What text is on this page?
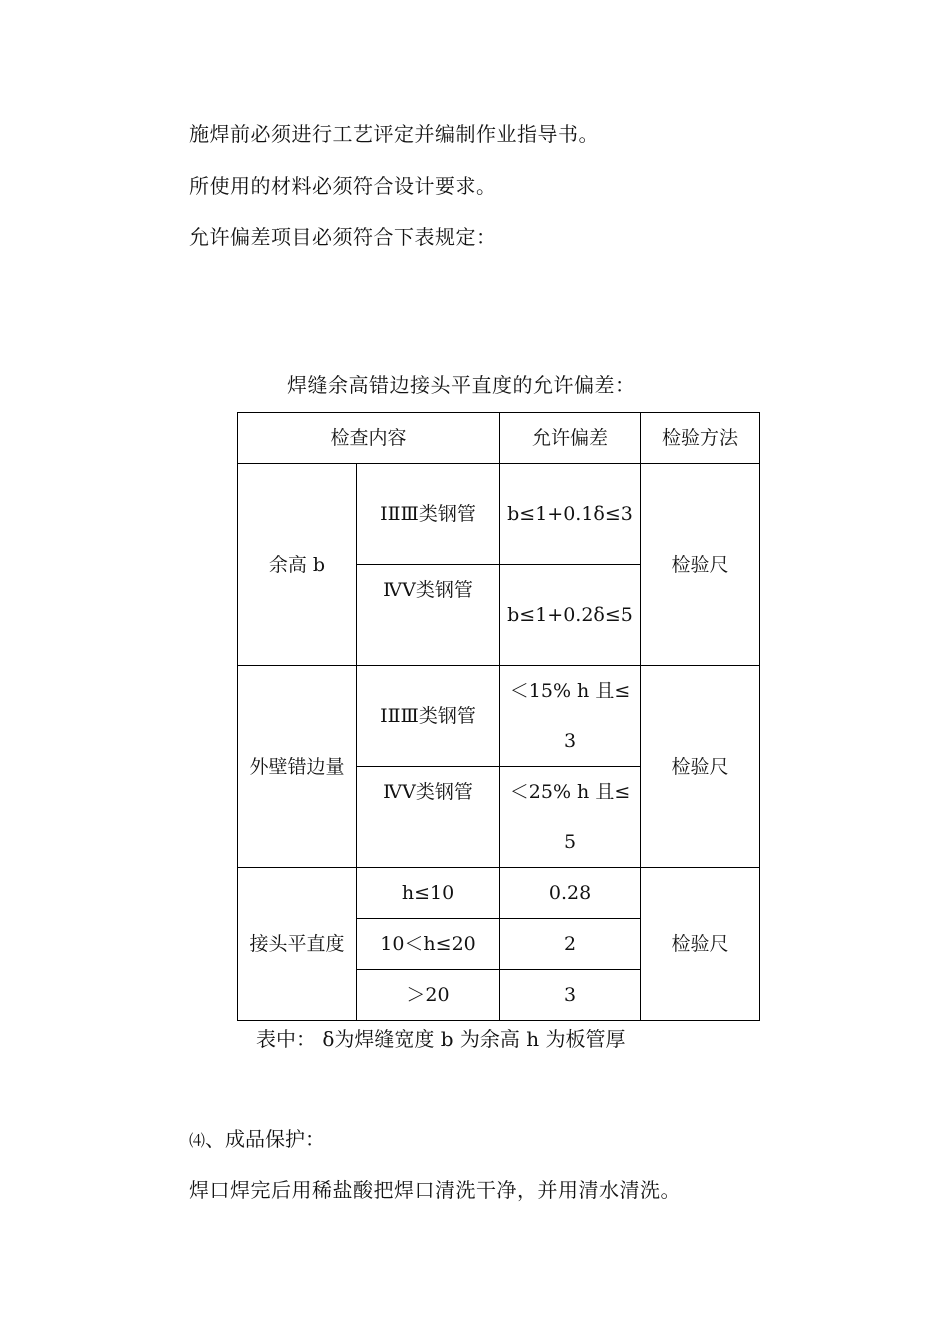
施焊前必须进行工艺评定并编制作业指导书。
所使用的材料必须符合设计要求。
允许偏差项目必须符合下表规定：
焊缝余高错边接头平直度的允许偏差：
检查内容		允许偏差	检验方法
余高 b	ⅠⅡⅢ类钢管	b≤1+0.1δ≤3	检验尺
	ⅣⅤ类钢管	b≤1+0.2δ≤5	
外壁错边量	ⅠⅡⅢ类钢管	＜15% h 且≤3	检验尺
	ⅣⅤ类钢管	＜25% h 且≤5	
接头平直度	h≤10	0.28	检验尺
	10＜h≤20	2	
	＞20	3	
表中： δ为焊缝宽度 b 为余高 h 为板管厚
⑷、成品保护：
焊口焊完后用稀盐酸把焊口清洗干净，并用清水清洗。
